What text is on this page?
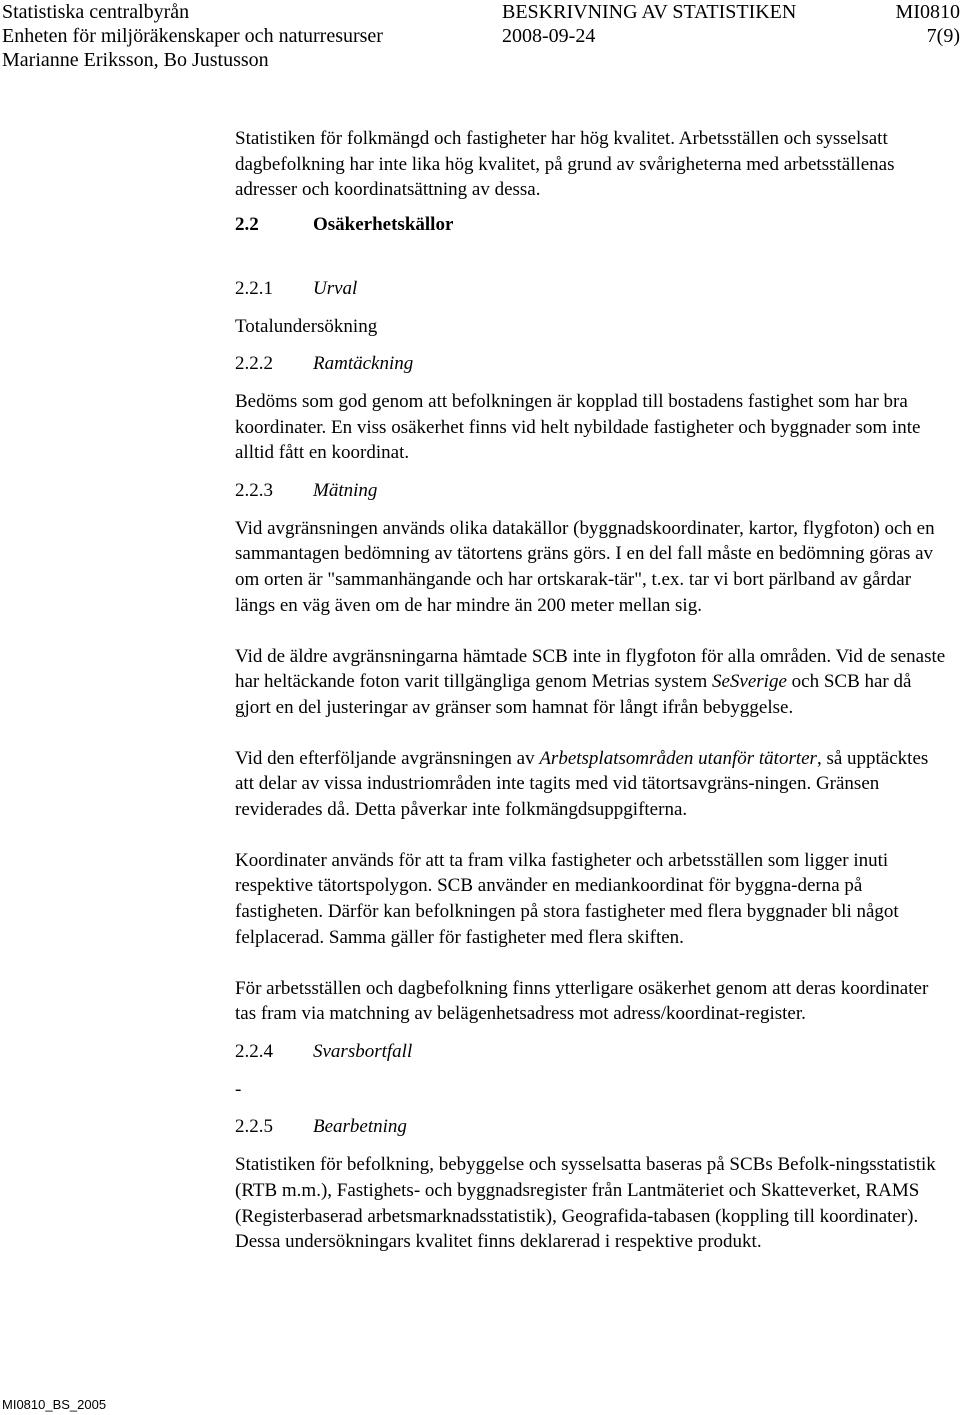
Statistiska centralbyrån
Enheten för miljöräkenskaper och naturresurser
Marianne Eriksson, Bo Justusson
BESKRIVNING AV STATISTIKEN
2008-09-24
MI0810
7(9)

Statistiken för folkmängd och fastigheter har hög kvalitet. Arbetsställen och sysselsatt dagbefolkning har inte lika hög kvalitet, på grund av svårigheterna med arbetsställenas adresser och koordinatsättning av dessa.

2.2	Osäkerhetskällor
2.2.1	Urval

Totalundersökning

2.2.2	Ramtäckning

Bedöms som god genom att befolkningen är kopplad till bostadens fastighet som har bra koordinater. En viss osäkerhet finns vid helt nybildade fastigheter och byggnader som inte alltid fått en koordinat.

2.2.3	Mätning

Vid avgränsningen används olika datakällor (byggnadskoordinater, kartor, flygfoton) och en sammantagen bedömning av tätortens gräns görs. I en del fall måste en bedömning göras av om orten är "sammanhängande och har ortskarak-tär", t.ex. tar vi bort pärlband av gårdar längs en väg även om de har mindre än 200 meter mellan sig.

Vid de äldre avgränsningarna hämtade SCB inte in flygfoton för alla områden. Vid de senaste har heltäckande foton varit tillgängliga genom Metrias system SeSverige och SCB har då gjort en del justeringar av gränser som hamnat för långt ifrån bebyggelse.

Vid den efterföljande avgränsningen av Arbetsplatsområden utanför tätorter, så upptäcktes att delar av vissa industriområden inte tagits med vid tätortsavgräns-ningen. Gränsen reviderades då. Detta påverkar inte folkmängdsuppgifterna.

Koordinater används för att ta fram vilka fastigheter och arbetsställen som ligger inuti respektive tätortspolygon. SCB använder en mediankoordinat för byggna-derna på fastigheten. Därför kan befolkningen på stora fastigheter med flera byggnader bli något felplacerad. Samma gäller för fastigheter med flera skiften.

För arbetsställen och dagbefolkning finns ytterligare osäkerhet genom att deras koordinater tas fram via matchning av belägenhetsadress mot adress/koordinat-register.

2.2.4	Svarsbortfall

-

2.2.5	Bearbetning

Statistiken för befolkning, bebyggelse och sysselsatta baseras på SCBs Befolk-ningsstatistik (RTB m.m.), Fastighets- och byggnadsregister från Lantmäteriet och Skatteverket, RAMS (Registerbaserad arbetsmarknadsstatistik), Geografida-tabasen (koppling till koordinater). Dessa undersökningars kvalitet finns deklarerad i respektive produkt.

MI0810_BS_2005
